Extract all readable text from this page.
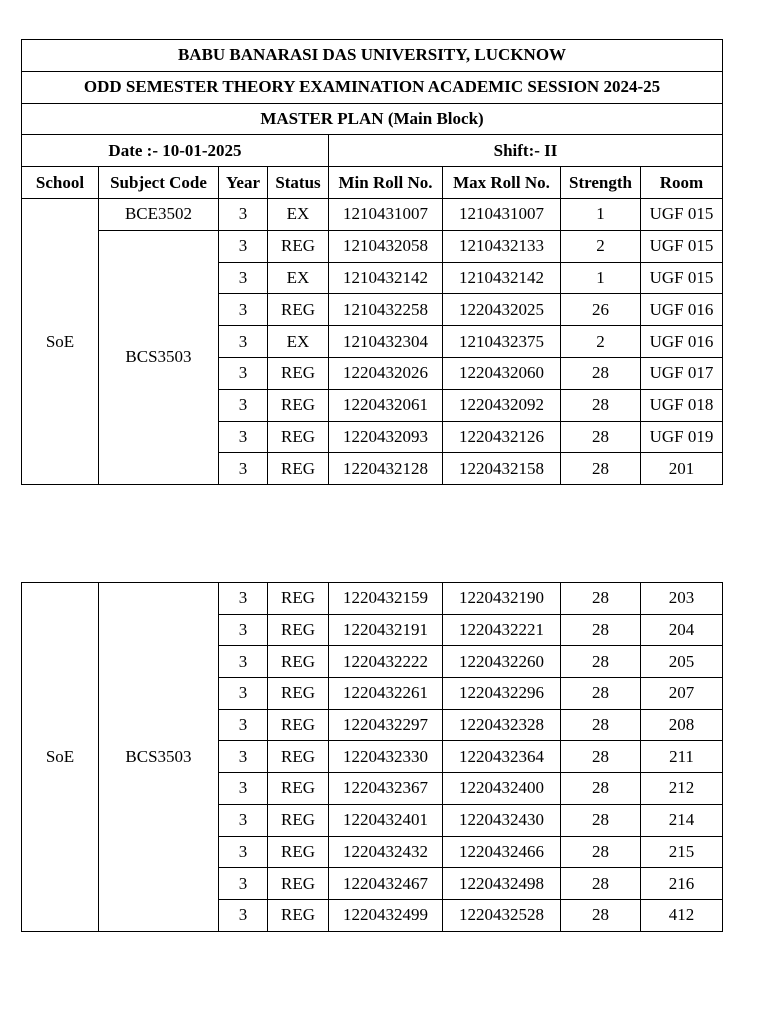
BABU BANARASI DAS UNIVERSITY, LUCKNOW							
ODD SEMESTER THEORY EXAMINATION ACADEMIC SESSION 2024-25							
MASTER PLAN (Main Block)							
Date :- 10-01-2025				Shift:- II			
School	Subject Code	Year	Status	Min Roll No.	Max Roll No.	Strength	Room
SoE	BCE3502	3	EX	1210431007	1210431007	1	UGF 015
	BCS3503	3	REG	1210432058	1210432133	2	UGF 015
		3	EX	1210432142	1210432142	1	UGF 015
		3	REG	1210432258	1220432025	26	UGF 016
		3	EX	1210432304	1210432375	2	UGF 016
		3	REG	1220432026	1220432060	28	UGF 017
		3	REG	1220432061	1220432092	28	UGF 018
		3	REG	1220432093	1220432126	28	UGF 019
		3	REG	1220432128	1220432158	28	201
SoE	BCS3503	3	REG	1220432159	1220432190	28	203
		3	REG	1220432191	1220432221	28	204
		3	REG	1220432222	1220432260	28	205
		3	REG	1220432261	1220432296	28	207
		3	REG	1220432297	1220432328	28	208
		3	REG	1220432330	1220432364	28	211
		3	REG	1220432367	1220432400	28	212
		3	REG	1220432401	1220432430	28	214
		3	REG	1220432432	1220432466	28	215
		3	REG	1220432467	1220432498	28	216
		3	REG	1220432499	1220432528	28	412
